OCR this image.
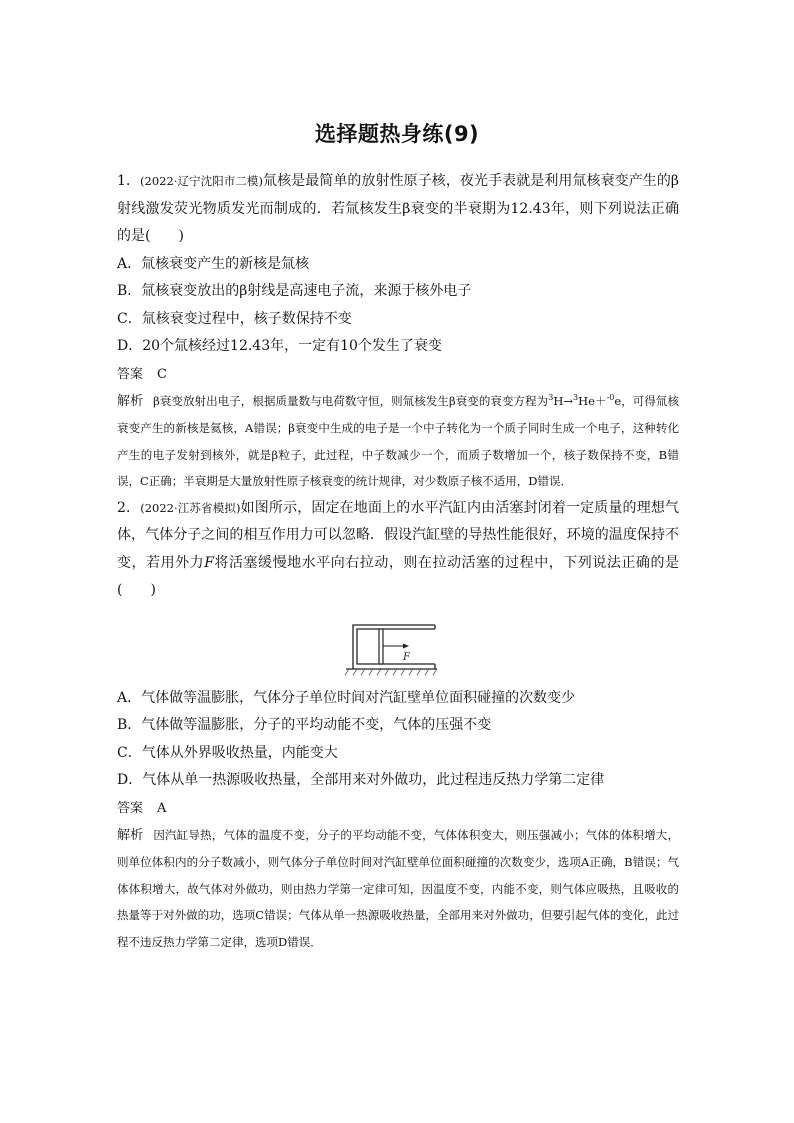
选择题热身练(9)

1．(2022·辽宁沈阳市二模)氚核是最简单的放射性原子核，夜光手表就是利用氚核衰变产生的β射线激发荧光物质发光而制成的．若氚核发生β衰变的半衰期为12.43年，则下列说法正确的是(　　)

A．氚核衰变产生的新核是氚核

B．氚核衰变放出的β射线是高速电子流，来源于核外电子

C．氚核衰变过程中，核子数保持不变

D．20个氚核经过12.43年，一定有10个发生了衰变

答案 C

解析 β衰变放射出电子，根据质量数与电荷数守恒，则氚核发生β衰变的衰变方程为$^3$H→$^3$He＋$^{-0}$e，可得氚核衰变产生的新核是氦核，A错误；β衰变中生成的电子是一个中子转化为一个质子同时生成一个电子，这种转化产生的电子发射到核外，就是β粒子，此过程，中子数减少一个，而质子数增加一个，核子数保持不变，B错误，C正确；半衰期是大量放射性原子核衰变的统计规律，对少数原子核不适用，D错误．

2．(2022·江苏省模拟)如图所示，固定在地面上的水平汽缸内由活塞封闭着一定质量的理想气体，气体分子之间的相互作用力可以忽略．假设汽缸壁的导热性能很好，环境的温度保持不变，若用外力F将活塞缓慢地水平向右拉动，则在拉动活塞的过程中，下列说法正确的是(　　)

F

A．气体做等温膨胀，气体分子单位时间对汽缸壁单位面积碰撞的次数变少

B．气体做等温膨胀，分子的平均动能不变，气体的压强不变

C．气体从外界吸收热量，内能变大

D．气体从单一热源吸收热量，全部用来对外做功，此过程违反热力学第二定律

答案 A

解析 因汽缸导热，气体的温度不变，分子的平均动能不变，气体体积变大，则压强减小；气体的体积增大，则单位体积内的分子数减小，则气体分子单位时间对汽缸壁单位面积碰撞的次数变少，选项A正确，B错误；气体体积增大，故气体对外做功，则由热力学第一定律可知，因温度不变，内能不变，则气体应吸热，且吸收的热量等于对外做的功，选项C错误；气体从单一热源吸收热量，全部用来对外做功，但要引起气体的变化，此过程不违反热力学第二定律，选项D错误．
